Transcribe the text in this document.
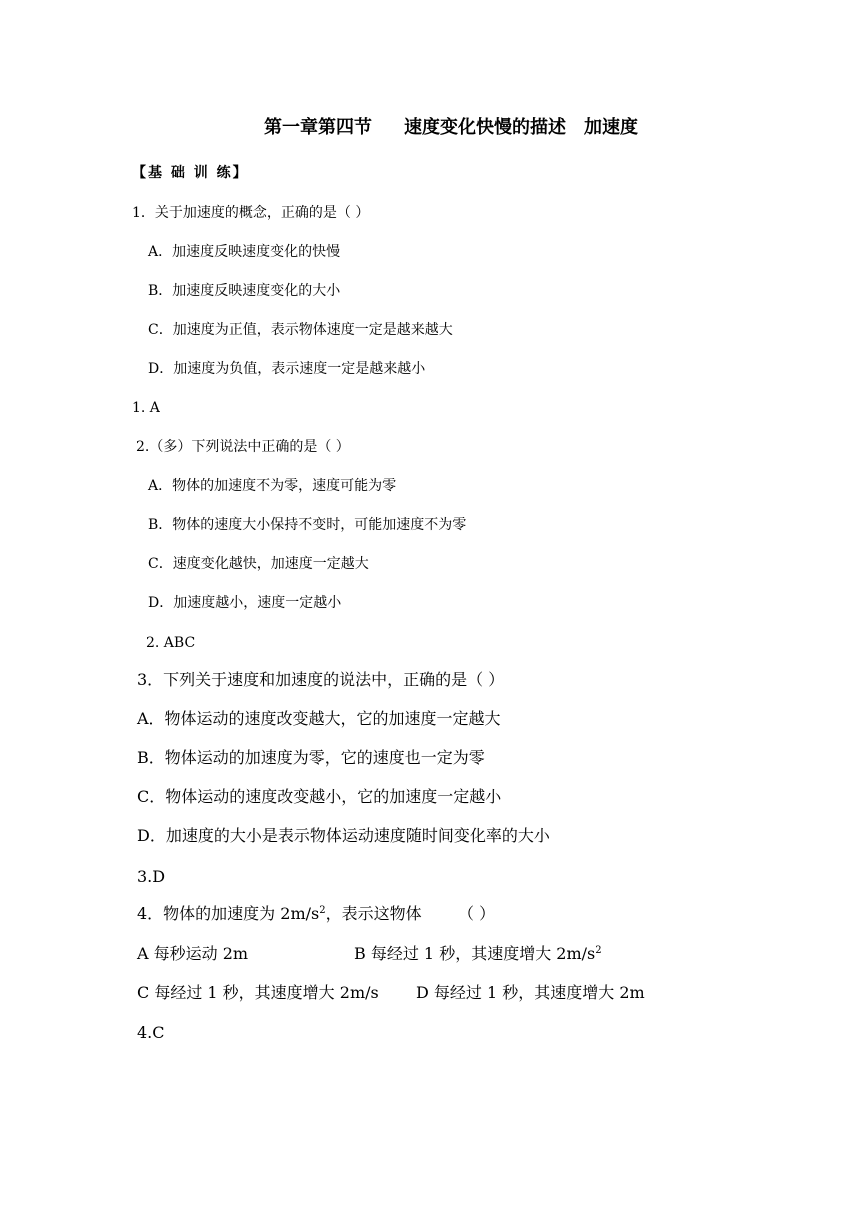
第一章第四节 速度变化快慢的描述 加速度
【基 础 训 练】
1．关于加速度的概念，正确的是（ ）
A．加速度反映速度变化的快慢
B．加速度反映速度变化的大小
C．加速度为正值，表示物体速度一定是越来越大
D．加速度为负值，表示速度一定是越来越小
1. A
2.（多）下列说法中正确的是（ ）
A．物体的加速度不为零，速度可能为零
B．物体的速度大小保持不变时，可能加速度不为零
C．速度变化越快，加速度一定越大
D．加速度越小，速度一定越小
2. ABC
3．下列关于速度和加速度的说法中，正确的是（ ）
A．物体运动的速度改变越大，它的加速度一定越大
B．物体运动的加速度为零，它的速度也一定为零
C．物体运动的速度改变越小，它的加速度一定越小
D．加速度的大小是表示物体运动速度随时间变化率的大小
3.D
4．物体的加速度为 $2m/s^2$，表示这物体 （ ）
A 每秒运动 2m	B 每经过 1 秒，其速度增大 $2m/s^2$
C 每经过 1 秒，其速度增大 2m/s D 每经过 1 秒，其速度增大 2m
4.C
